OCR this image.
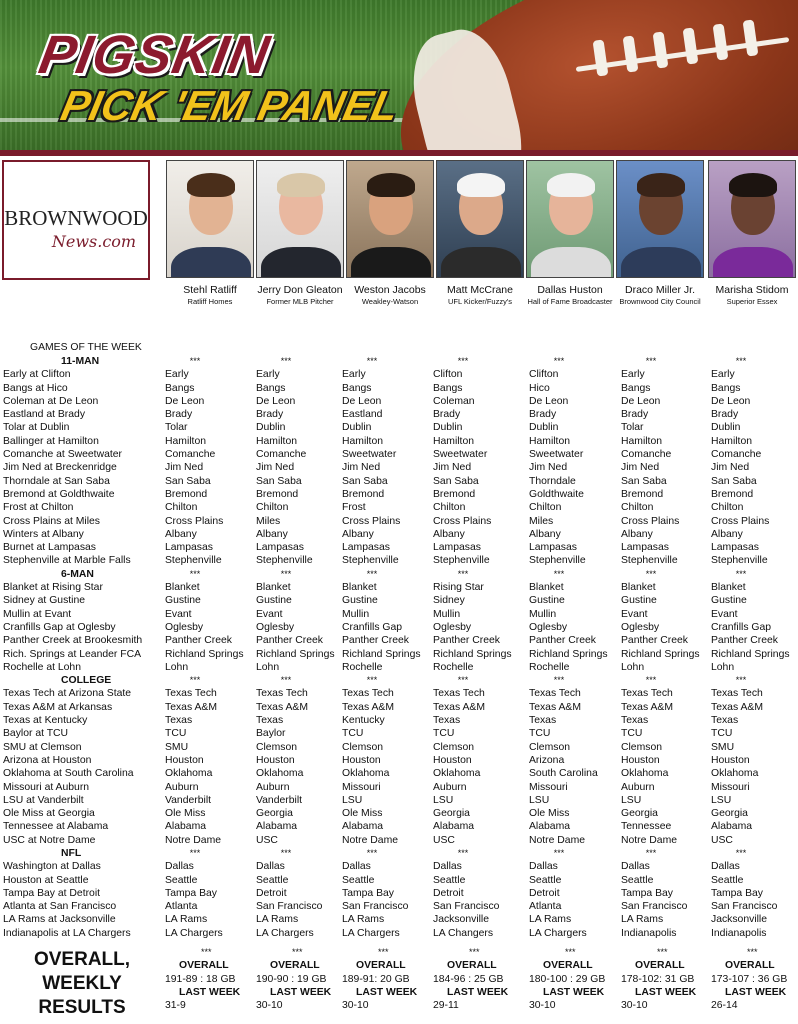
PIGSKIN
PICK 'EM PANEL
BROWNWOOD
News.com
Stehl Ratliff
Ratliff Homes
Jerry Don Gleaton
Former MLB Pitcher
Weston Jacobs
Weakley-Watson
Matt McCrane
UFL Kicker/Fuzzy's
Dallas Huston
Hall of Fame Broadcaster
Draco Miller Jr.
Brownwood City Council
Marisha Stidom
Superior Essex
GAMES OF THE WEEK
11-MAN
Early at Clifton
Bangs at Hico
Coleman at De Leon
Eastland at Brady
Tolar at Dublin
Ballinger at Hamilton
Comanche at Sweetwater
Jim Ned at Breckenridge
Thorndale at San Saba
Bremond at Goldthwaite
Frost at Chilton
Cross Plains at Miles
Winters at Albany
Burnet at Lampasas
Stephenville at Marble Falls
6-MAN
Blanket at Rising Star
Sidney at Gustine
Mullin at Evant
Cranfills Gap at Oglesby
Panther Creek at Brookesmith
Rich. Springs at Leander FCA
Rochelle at Lohn
COLLEGE
Texas Tech at Arizona State
Texas A&M at Arkansas
Texas at Kentucky
Baylor at TCU
SMU at Clemson
Arizona at Houston
Oklahoma at South Carolina
Missouri at Auburn
LSU at Vanderbilt
Ole Miss at Georgia
Tennessee at Alabama
USC at Notre Dame
NFL
Washington at Dallas
Houston at Seattle
Tampa Bay at Detroit
Atlanta at San Francisco
LA Rams at Jacksonville
Indianapolis at LA Chargers
***
Early
Bangs
De Leon
Brady
Tolar
Hamilton
Comanche
Jim Ned
San Saba
Bremond
Chilton
Cross Plains
Albany
Lampasas
Stephenville
***
Blanket
Gustine
Evant
Oglesby
Panther Creek
Richland Springs
Lohn
***
Texas Tech
Texas A&M
Texas
TCU
SMU
Houston
Oklahoma
Auburn
Vanderbilt
Ole Miss
Alabama
Notre Dame
***
Dallas
Seattle
Tampa Bay
Atlanta
LA Rams
LA Chargers
***
Early
Bangs
De Leon
Brady
Dublin
Hamilton
Comanche
Jim Ned
San Saba
Bremond
Chilton
Miles
Albany
Lampasas
Stephenville
***
Blanket
Gustine
Evant
Oglesby
Panther Creek
Richland Springs
Lohn
***
Texas Tech
Texas A&M
Texas
Baylor
Clemson
Houston
Oklahoma
Auburn
Vanderbilt
Georgia
Alabama
USC
***
Dallas
Seattle
Detroit
San Francisco
LA Rams
LA Chargers
***
Early
Bangs
De Leon
Eastland
Dublin
Hamilton
Sweetwater
Jim Ned
San Saba
Bremond
Frost
Cross Plains
Albany
Lampasas
Stephenville
***
Blanket
Gustine
Mullin
Cranfills Gap
Panther Creek
Richland Springs
Rochelle
***
Texas Tech
Texas A&M
Kentucky
TCU
Clemson
Houston
Oklahoma
Missouri
LSU
Ole Miss
Alabama
Notre Dame
***
Dallas
Seattle
Tampa Bay
San Francisco
LA Rams
LA Chargers
***
Clifton
Bangs
Coleman
Brady
Dublin
Hamilton
Sweetwater
Jim Ned
San Saba
Bremond
Chilton
Cross Plains
Albany
Lampasas
Stephenville
***
Rising Star
Sidney
Mullin
Oglesby
Panther Creek
Richland Springs
Rochelle
***
Texas Tech
Texas A&M
Texas
TCU
Clemson
Houston
Oklahoma
Auburn
LSU
Georgia
Alabama
USC
***
Dallas
Seattle
Detroit
San Francisco
Jacksonville
LA Changers
***
Clifton
Hico
De Leon
Brady
Dublin
Hamilton
Sweetwater
Jim Ned
Thorndale
Goldthwaite
Chilton
Miles
Albany
Lampasas
Stephenville
***
Blanket
Gustine
Mullin
Oglesby
Panther Creek
Richland Springs
Rochelle
***
Texas Tech
Texas A&M
Texas
TCU
Clemson
Arizona
South Carolina
Missouri
LSU
Ole Miss
Alabama
Notre Dame
***
Dallas
Seattle
Detroit
Atlanta
LA Rams
LA Chargers
***
Early
Bangs
De Leon
Brady
Tolar
Hamilton
Comanche
Jim Ned
San Saba
Bremond
Chilton
Cross Plains
Albany
Lampasas
Stephenville
***
Blanket
Gustine
Evant
Oglesby
Panther Creek
Richland Springs
Lohn
***
Texas Tech
Texas A&M
Texas
TCU
Clemson
Houston
Oklahoma
Auburn
LSU
Georgia
Tennessee
Notre Dame
***
Dallas
Seattle
Tampa Bay
San Francisco
LA Rams
Indianapolis
***
Early
Bangs
De Leon
Brady
Dublin
Hamilton
Comanche
Jim Ned
San Saba
Bremond
Chilton
Cross Plains
Albany
Lampasas
Stephenville
***
Blanket
Gustine
Evant
Cranfills Gap
Panther Creek
Richland Springs
Lohn
***
Texas Tech
Texas A&M
Texas
TCU
SMU
Houston
Oklahoma
Missouri
LSU
Georgia
Alabama
USC
***
Dallas
Seattle
Tampa Bay
San Francisco
Jacksonville
Indianapolis
OVERALL, WEEKLY RESULTS
***
OVERALL
191-89 : 18 GB
LAST WEEK
31-9
***
OVERALL
190-90 : 19 GB
LAST WEEK
30-10
***
OVERALL
189-91: 20 GB
LAST WEEK
30-10
***
OVERALL
184-96 : 25 GB
LAST WEEK
29-11
***
OVERALL
180-100 : 29 GB
LAST WEEK
30-10
***
OVERALL
178-102: 31 GB
LAST WEEK
30-10
***
OVERALL
173-107 : 36 GB
LAST WEEK
26-14
